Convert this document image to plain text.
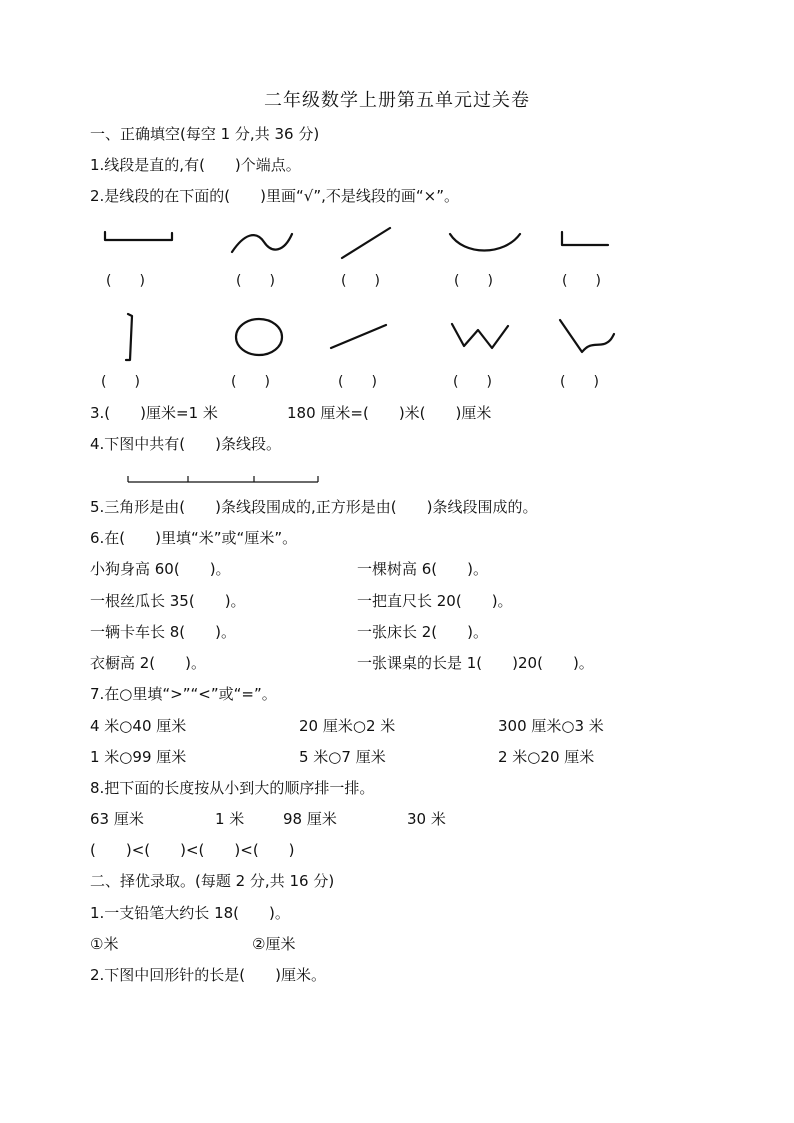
二年级数学上册第五单元过关卷
一、正确填空(每空 1 分,共 36 分)
1.线段是直的,有(　　)个端点。
2.是线段的在下面的(　　)里画“√”,不是线段的画“×”。
(　　)	(　　)	(　　)	(　　)	(　　)
(　　)	(　　)	(　　)	(　　)	(　　)
3.(　　)厘米=1 米	180 厘米=(　　)米(　　)厘米
4.下图中共有(　　)条线段。
5.三角形是由(　　)条线段围成的,正方形是由(　　)条线段围成的。
6.在(　　)里填“米”或“厘米”。
小狗身高 60(　　)。	一棵树高 6(　　)。
一根丝瓜长 35(　　)。	一把直尺长 20(　　)。
一辆卡车长 8(　　)。	一张床长 2(　　)。
衣橱高 2(　　)。	一张课桌的长是 1(　　)20(　　)。
7.在○里填“>”“<”或“=”。
4 米○40 厘米	20 厘米○2 米	300 厘米○3 米
1 米○99 厘米	5 米○7 厘米	2 米○20 厘米
8.把下面的长度按从小到大的顺序排一排。
63 厘米	1 米	98 厘米	30 米
(　　)<(　　)<(　　)<(　　)
二、择优录取。(每题 2 分,共 16 分)
1.一支铅笔大约长 18(　　)。
①米	②厘米
2.下图中回形针的长是(　　)厘米。
